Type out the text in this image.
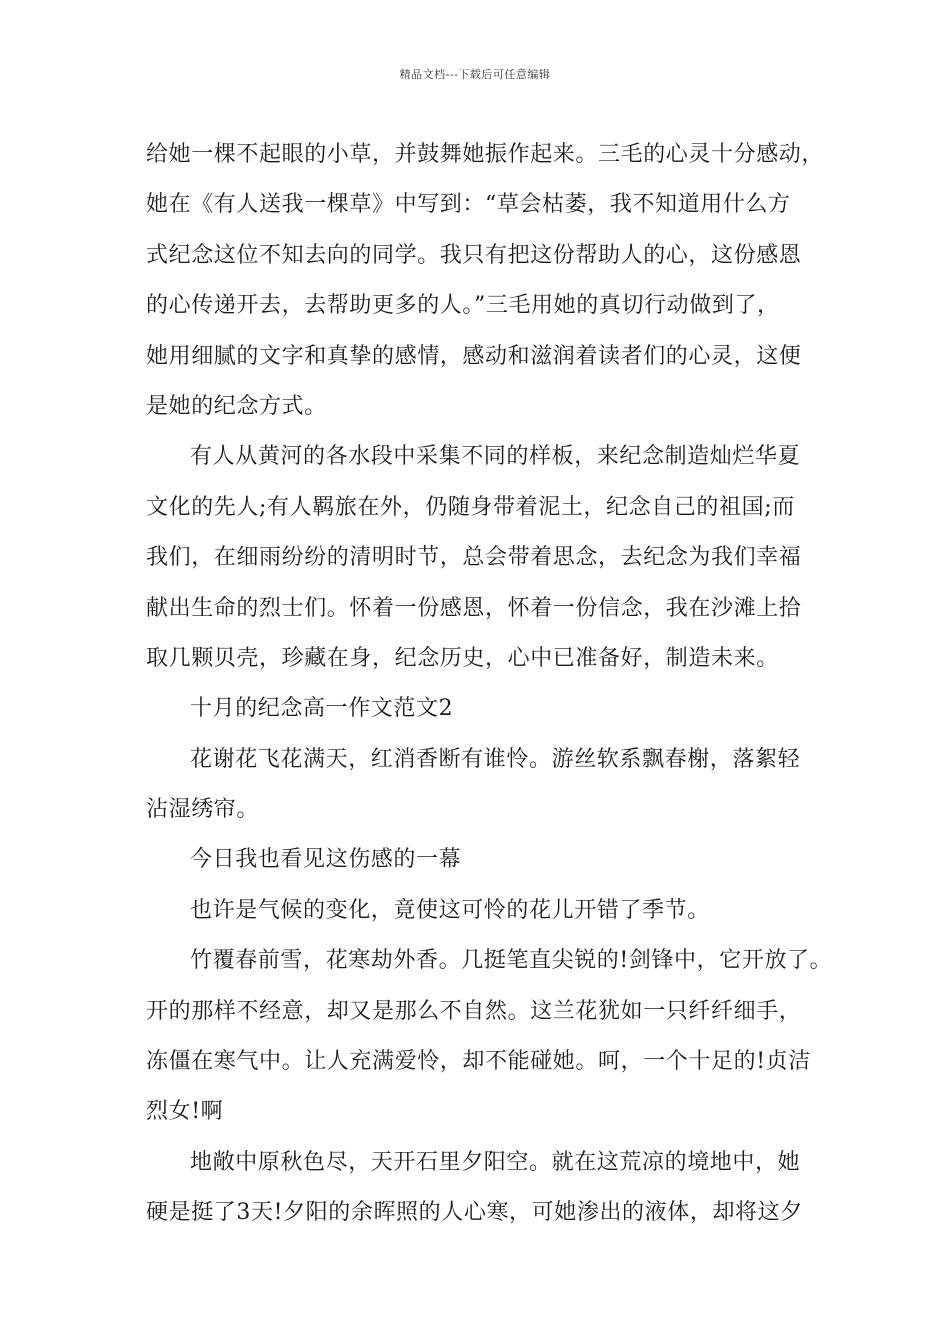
精品文档---下载后可任意编辑
给她一棵不起眼的小草，并鼓舞她振作起来。三毛的心灵十分感动，
她在《有人送我一棵草》中写到：“草会枯萎，我不知道用什么方
式纪念这位不知去向的同学。我只有把这份帮助人的心，这份感恩
的心传递开去，去帮助更多的人。”三毛用她的真切行动做到了，
她用细腻的文字和真挚的感情，感动和滋润着读者们的心灵，这便
是她的纪念方式。
有人从黄河的各水段中采集不同的样板，来纪念制造灿烂华夏
文化的先人;有人羁旅在外，仍随身带着泥土，纪念自己的祖国;而
我们，在细雨纷纷的清明时节，总会带着思念，去纪念为我们幸福
献出生命的烈士们。怀着一份感恩，怀着一份信念，我在沙滩上拾
取几颗贝壳，珍藏在身，纪念历史，心中已准备好，制造未来。
十月的纪念高一作文范文2
花谢花飞花满天，红消香断有谁怜。游丝软系飘春榭，落絮轻
沾湿绣帘。
今日我也看见这伤感的一幕
也许是气候的变化，竟使这可怜的花儿开错了季节。
竹覆春前雪，花寒劫外香。几挺笔直尖锐的!剑锋中，它开放了。
开的那样不经意，却又是那么不自然。这兰花犹如一只纤纤细手，
冻僵在寒气中。让人充满爱怜，却不能碰她。呵，一个十足的!贞洁
烈女!啊
地敞中原秋色尽，天开石里夕阳空。就在这荒凉的境地中，她
硬是挺了3天!夕阳的余晖照的人心寒，可她渗出的液体，却将这夕
